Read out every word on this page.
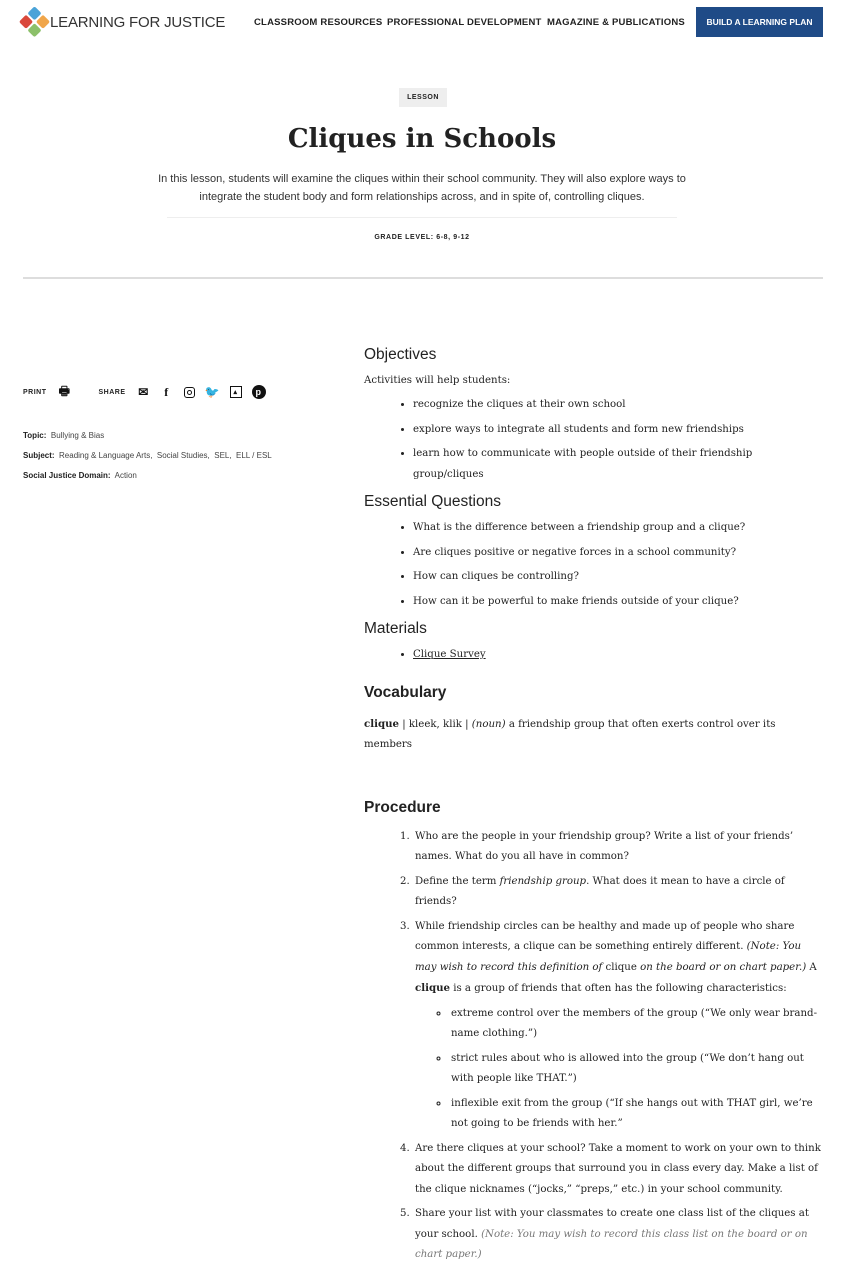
LEARNING FOR JUSTICE	CLASSROOM RESOURCES PROFESSIONAL DEVELOPMENT MAGAZINE & PUBLICATIONS	BUILD A LEARNING PLAN
LESSON
Cliques in Schools

In this lesson, students will examine the cliques within their school community. They will also explore ways to integrate the student body and form relationships across, and in spite of, controlling cliques.

GRADE LEVEL: 6-8, 9-12
PRINT 🖶	SHARE ✉	f	🐦	▴	p
Topic: Bullying & Bias
Subject: Reading & Language Arts,  Social Studies,  SEL,  ELL / ESL
Social Justice Domain: Action
Objectives

Activities will help students:

• recognize the cliques at their own school
• explore ways to integrate all students and form new friendships
• learn how to communicate with people outside of their friendship group/cliques
Essential Questions
• What is the difference between a friendship group and a clique?
• Are cliques positive or negative forces in a school community?
• How can cliques be controlling?
• How can it be powerful to make friends outside of your clique?
Materials
• Clique Survey
Vocabulary

clique | kleek, klik | (noun) a friendship group that often exerts control over its members

Procedure
1. Who are the people in your friendship group? Write a list of your friends’ names. What do you all have in common?
2. Define the term friendship group. What does it mean to have a circle of friends?
3. While friendship circles can be healthy and made up of people who share common interests, a clique can be something entirely different. (Note: You may wish to record this definition of clique on the board or on chart paper.) A clique is a group of friends that often has the following characteristics:
◦ extreme control over the members of the group (“We only wear brand-name clothing.”)
◦ strict rules about who is allowed into the group (“We don’t hang out with people like THAT.”)
◦ inflexible exit from the group (“If she hangs out with THAT girl, we’re not going to be friends with her.”
4. Are there cliques at your school? Take a moment to work on your own to think about the different groups that surround you in class every day. Make a list of the clique nicknames (“jocks,” “preps,” etc.) in your school community.
5. Share your list with your classmates to create one class list of the cliques at your school. (Note: You may wish to record this class list on the board or on chart paper.)
